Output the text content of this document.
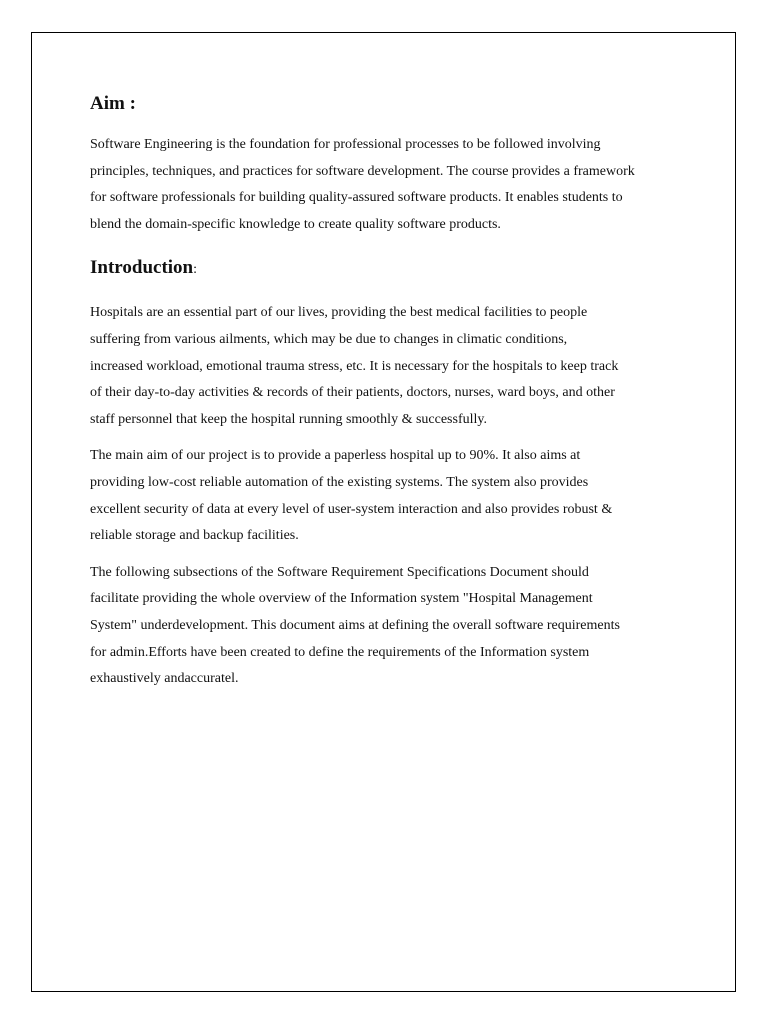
Aim :

Software Engineering is the foundation for professional processes to be followed involving
principles, techniques, and practices for software development. The course provides a framework
for software professionals for building quality-assured software products. It enables students to
blend the domain-specific knowledge to create quality software products.

Introduction:

Hospitals are an essential part of our lives, providing the best medical facilities to people
suffering from various ailments, which may be due to changes in climatic conditions,
increased workload, emotional trauma stress, etc. It is necessary for the hospitals to keep track
of their day-to-day activities & records of their patients, doctors, nurses, ward boys, and other
staff personnel that keep the hospital running smoothly & successfully.

The main aim of our project is to provide a paperless hospital up to 90%. It also aims at
providing low-cost reliable automation of the existing systems. The system also provides
excellent security of data at every level of user-system interaction and also provides robust &
reliable storage and backup facilities.

The following subsections of the Software Requirement Specifications Document should
facilitate providing the whole overview of the Information system "Hospital Management
System" underdevelopment. This document aims at defining the overall software requirements
for admin.Efforts have been created to define the requirements of the Information system
exhaustively andaccuratel.
